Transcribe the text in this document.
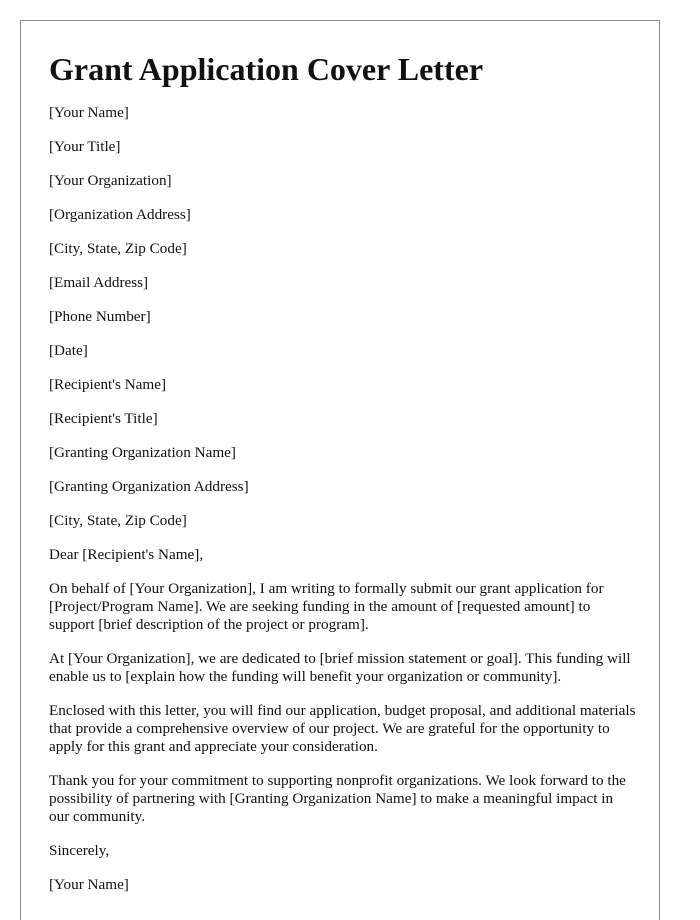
Grant Application Cover Letter

[Your Name]

[Your Title]

[Your Organization]

[Organization Address]

[City, State, Zip Code]

[Email Address]

[Phone Number]

[Date]

[Recipient's Name]

[Recipient's Title]

[Granting Organization Name]

[Granting Organization Address]

[City, State, Zip Code]

Dear [Recipient's Name],

On behalf of [Your Organization], I am writing to formally submit our grant application for [Project/Program Name]. We are seeking funding in the amount of [requested amount] to support [brief description of the project or program].

At [Your Organization], we are dedicated to [brief mission statement or goal]. This funding will enable us to [explain how the funding will benefit your organization or community].

Enclosed with this letter, you will find our application, budget proposal, and additional materials that provide a comprehensive overview of our project. We are grateful for the opportunity to apply for this grant and appreciate your consideration.

Thank you for your commitment to supporting nonprofit organizations. We look forward to the possibility of partnering with [Granting Organization Name] to make a meaningful impact in our community.

Sincerely,

[Your Name]
